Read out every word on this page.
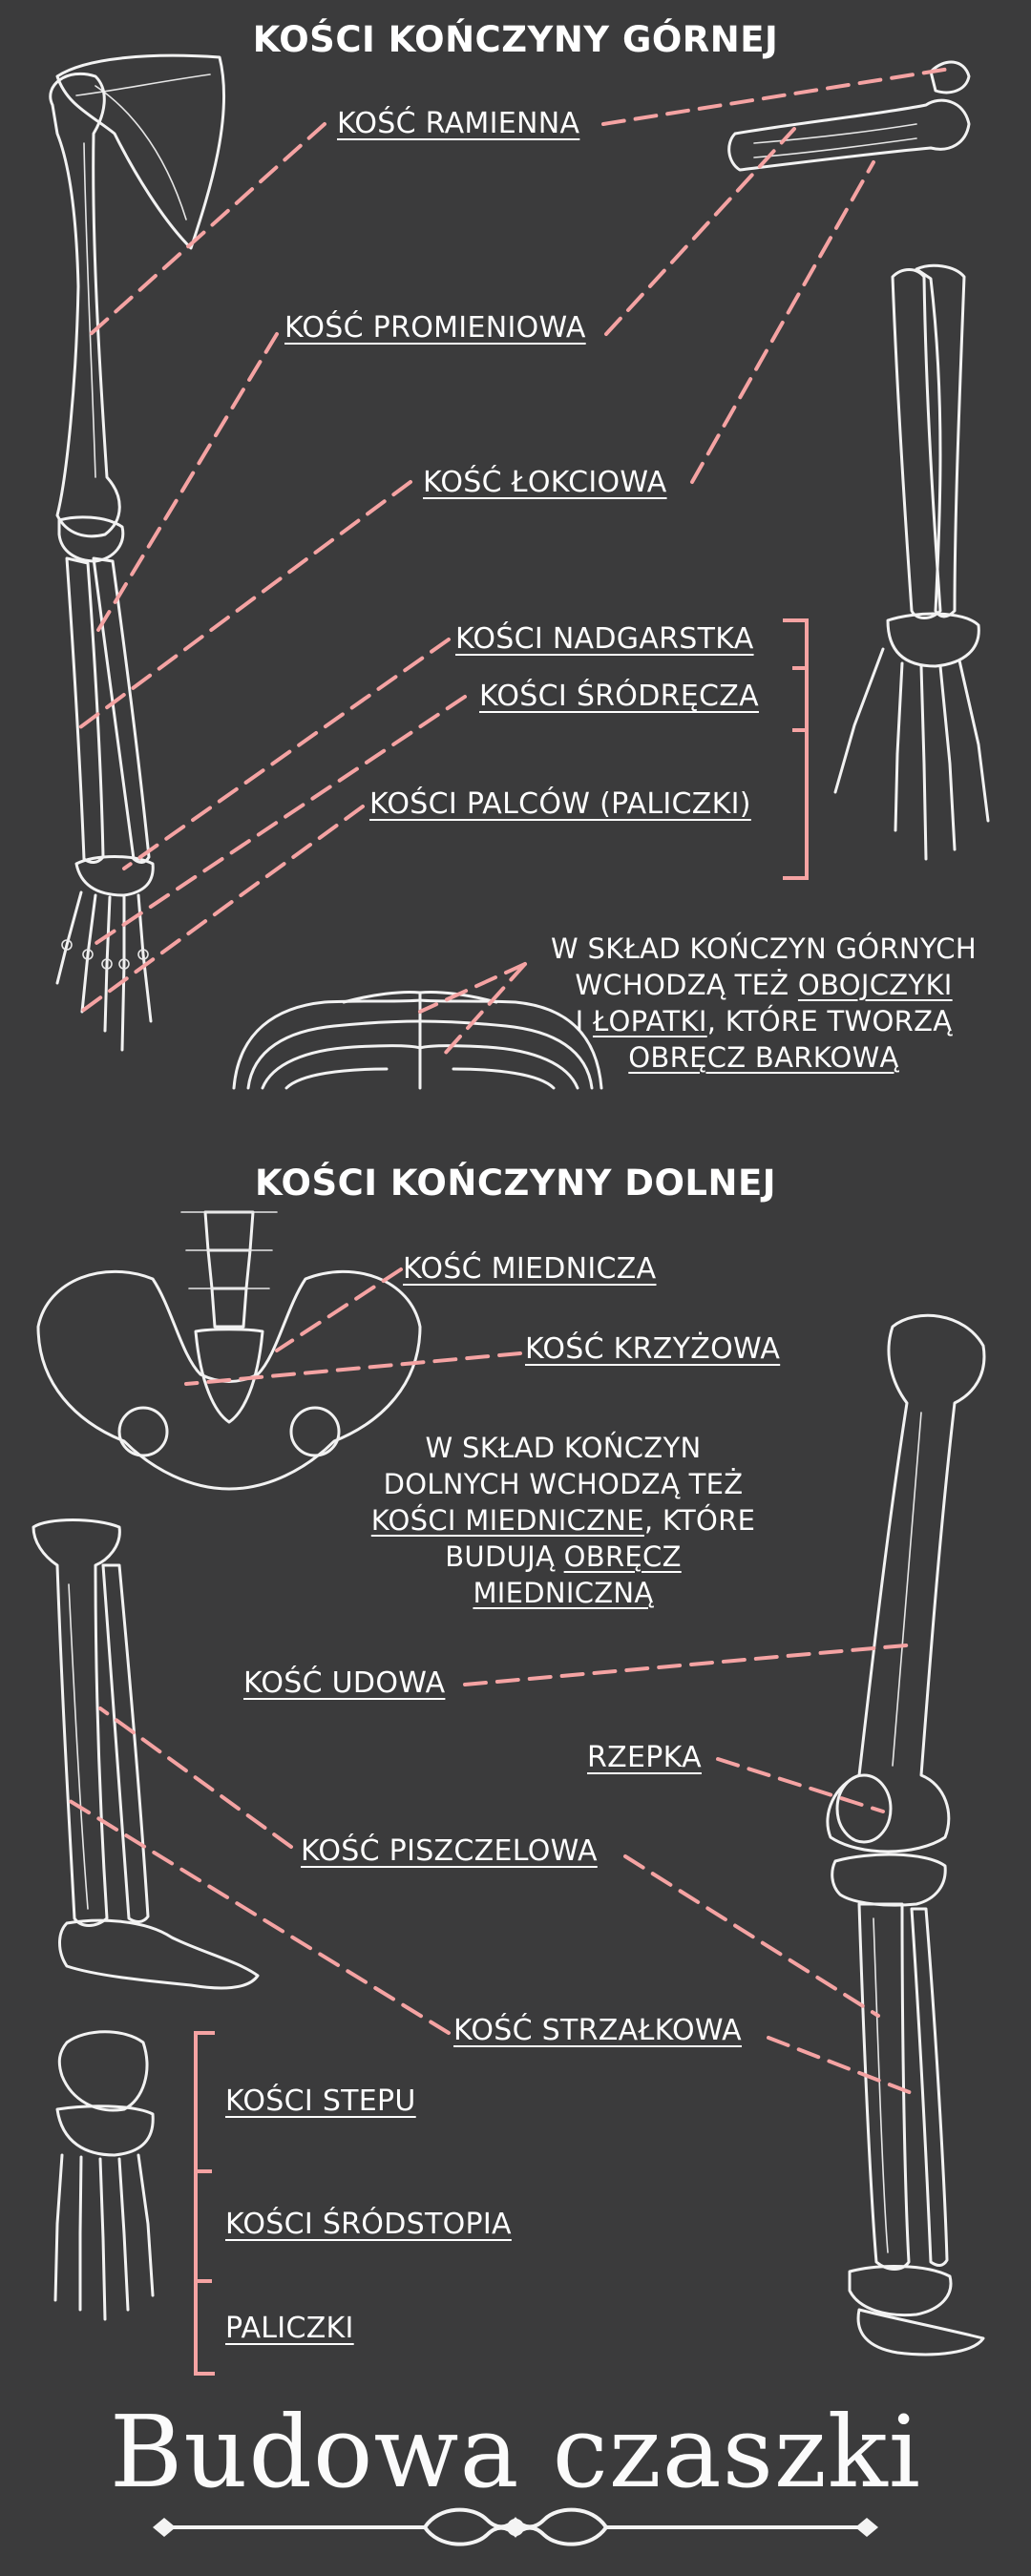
KOŚCI KOŃCZYNY GÓRNEJ
KOŚĆ RAMIENNA
KOŚĆ PROMIENIOWA
KOŚĆ ŁOKCIOWA
KOŚCI NADGARSTKA
KOŚCI ŚRÓDRĘCZA
KOŚCI PALCÓW (PALICZKI)
W SKŁAD KOŃCZYN GÓRNYCH
WCHODZĄ TEŻ OBOJCZYKI
I ŁOPATKI, KTÓRE TWORZĄ
OBRĘCZ BARKOWĄ
KOŚCI KOŃCZYNY DOLNEJ
KOŚĆ MIEDNICZA
KOŚĆ KRZYŻOWA
W SKŁAD KOŃCZYN
DOLNYCH WCHODZĄ TEŻ
KOŚCI MIEDNICZNE, KTÓRE
BUDUJĄ OBRĘCZ
MIEDNICZNĄ
KOŚĆ UDOWA
RZEPKA
KOŚĆ PISZCZELOWA
KOŚĆ STRZAŁKOWA
KOŚCI STEPU
KOŚCI ŚRÓDSTOPIA
PALICZKI
Budowa czaszki
